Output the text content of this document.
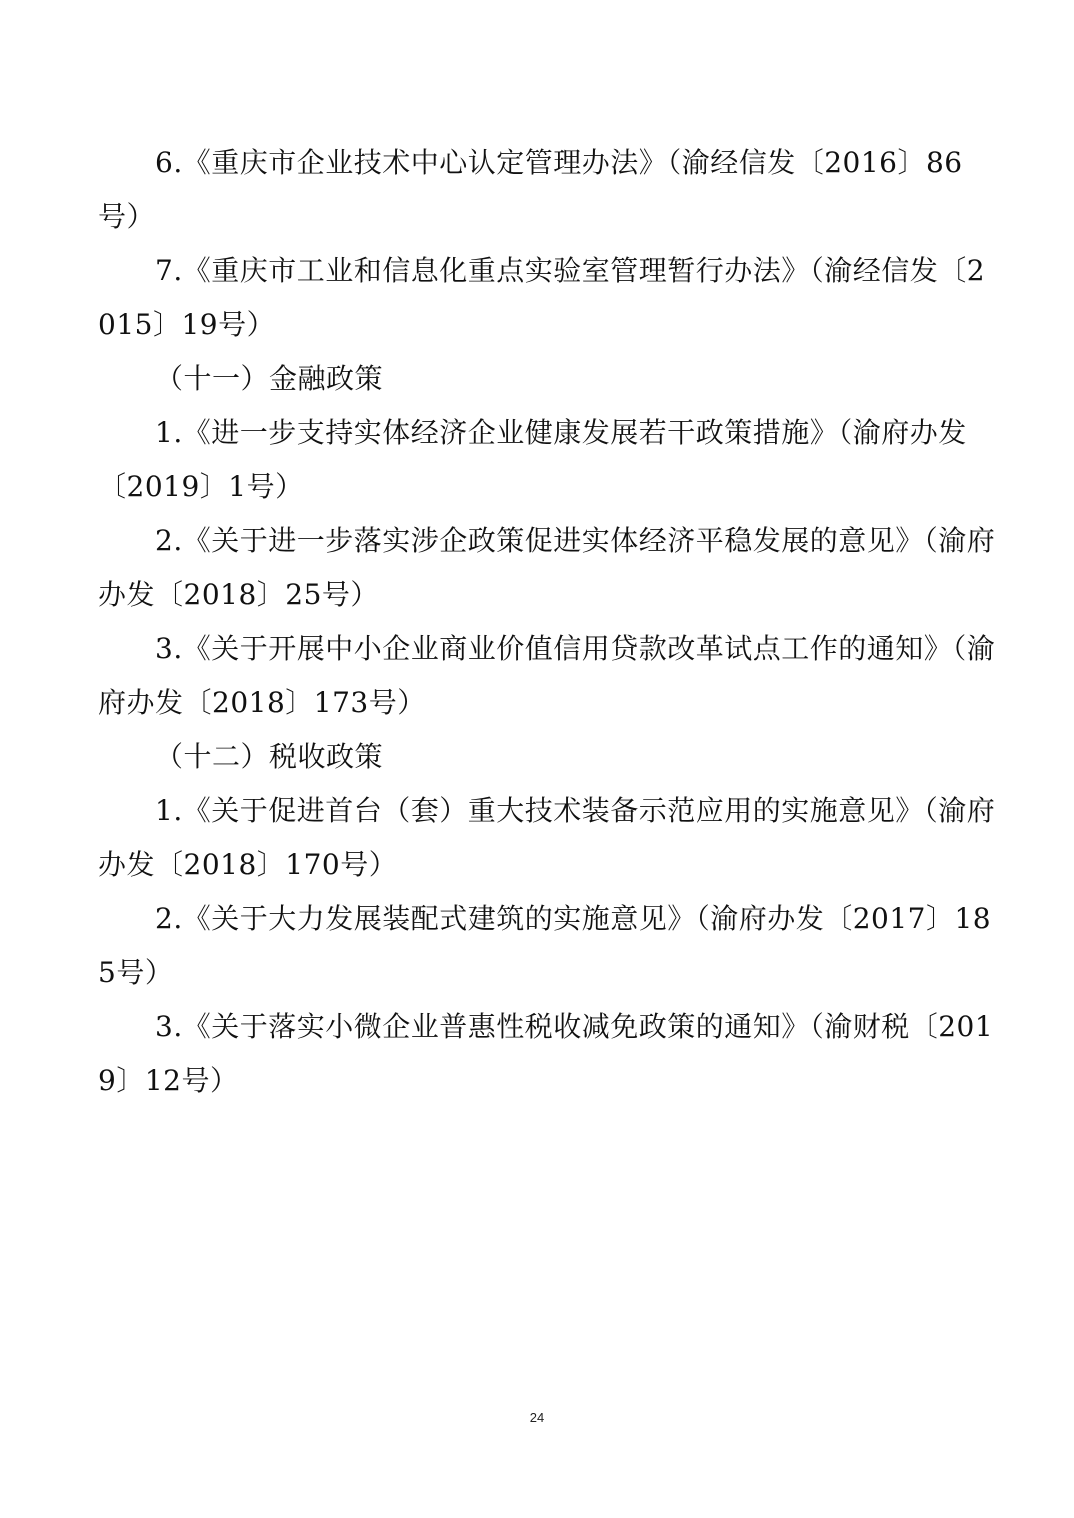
6.《重庆市企业技术中心认定管理办法》（渝经信发〔2016〕86号）

7.《重庆市工业和信息化重点实验室管理暂行办法》（渝经信发〔2015〕19号）

（十一）金融政策

1.《进一步支持实体经济企业健康发展若干政策措施》（渝府办发〔2019〕1号）

2.《关于进一步落实涉企政策促进实体经济平稳发展的意见》（渝府办发〔2018〕25号）

3.《关于开展中小企业商业价值信用贷款改革试点工作的通知》（渝府办发〔2018〕173号）

（十二）税收政策

1.《关于促进首台（套）重大技术装备示范应用的实施意见》（渝府办发〔2018〕170号）

2.《关于大力发展装配式建筑的实施意见》（渝府办发〔2017〕185号）

3.《关于落实小微企业普惠性税收减免政策的通知》（渝财税〔2019〕12号）

24
